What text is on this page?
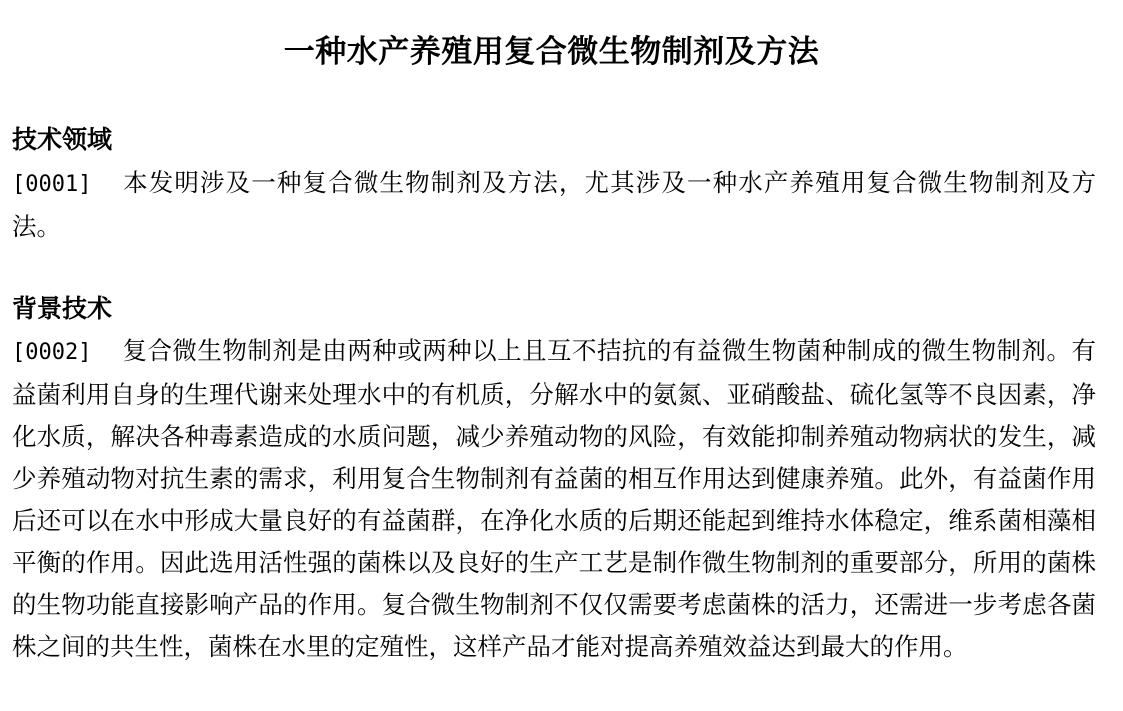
一种水产养殖用复合微生物制剂及方法
技术领域
[0001] 本发明涉及一种复合微生物制剂及方法，尤其涉及一种水产养殖用复合微生物制剂及方法。
背景技术
[0002] 复合微生物制剂是由两种或两种以上且互不拮抗的有益微生物菌种制成的微生物制剂。有益菌利用自身的生理代谢来处理水中的有机质，分解水中的氨氮、亚硝酸盐、硫化氢等不良因素，净化水质，解决各种毒素造成的水质问题，减少养殖动物的风险，有效能抑制养殖动物病状的发生，减少养殖动物对抗生素的需求，利用复合生物制剂有益菌的相互作用达到健康养殖。此外，有益菌作用后还可以在水中形成大量良好的有益菌群，在净化水质的后期还能起到维持水体稳定，维系菌相藻相平衡的作用。因此选用活性强的菌株以及良好的生产工艺是制作微生物制剂的重要部分，所用的菌株的生物功能直接影响产品的作用。复合微生物制剂不仅仅需要考虑菌株的活力，还需进一步考虑各菌株之间的共生性，菌株在水里的定殖性，这样产品才能对提高养殖效益达到最大的作用。
